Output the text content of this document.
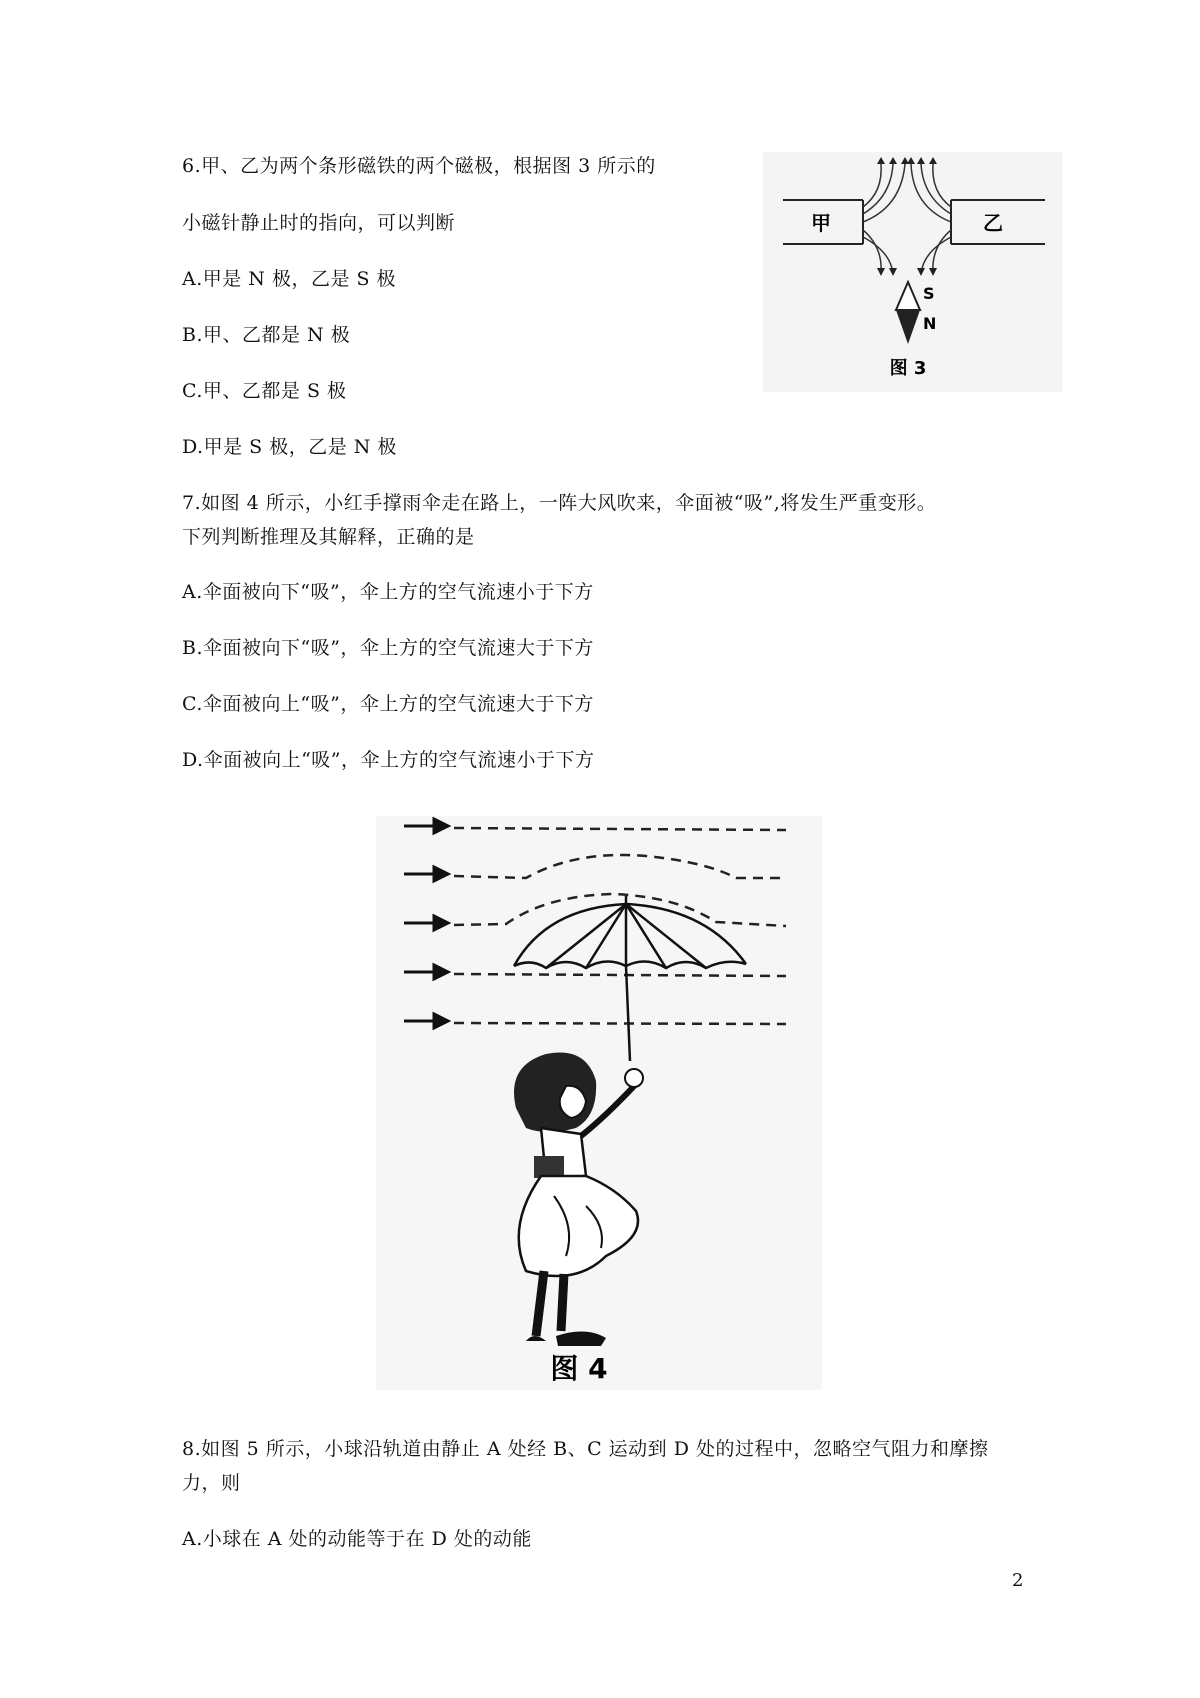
6.甲、乙为两个条形磁铁的两个磁极，根据图 3 所示的
小磁针静止时的指向，可以判断
A.甲是 N 极，乙是 S 极
B.甲、乙都是 N 极
C.甲、乙都是 S 极
D.甲是 S 极，乙是 N 极
甲	乙
S
N
图 3
7.如图 4 所示，小红手撑雨伞走在路上，一阵大风吹来，伞面被“吸”,将发生严重变形。
下列判断推理及其解释，正确的是
A.伞面被向下“吸”，伞上方的空气流速小于下方
B.伞面被向下“吸”，伞上方的空气流速大于下方
C.伞面被向上“吸”，伞上方的空气流速大于下方
D.伞面被向上“吸”，伞上方的空气流速小于下方
图 4
8.如图 5 所示，小球沿轨道由静止 A 处经 B、C 运动到 D 处的过程中，忽略空气阻力和摩擦
力，则
A.小球在 A 处的动能等于在 D 处的动能
2
